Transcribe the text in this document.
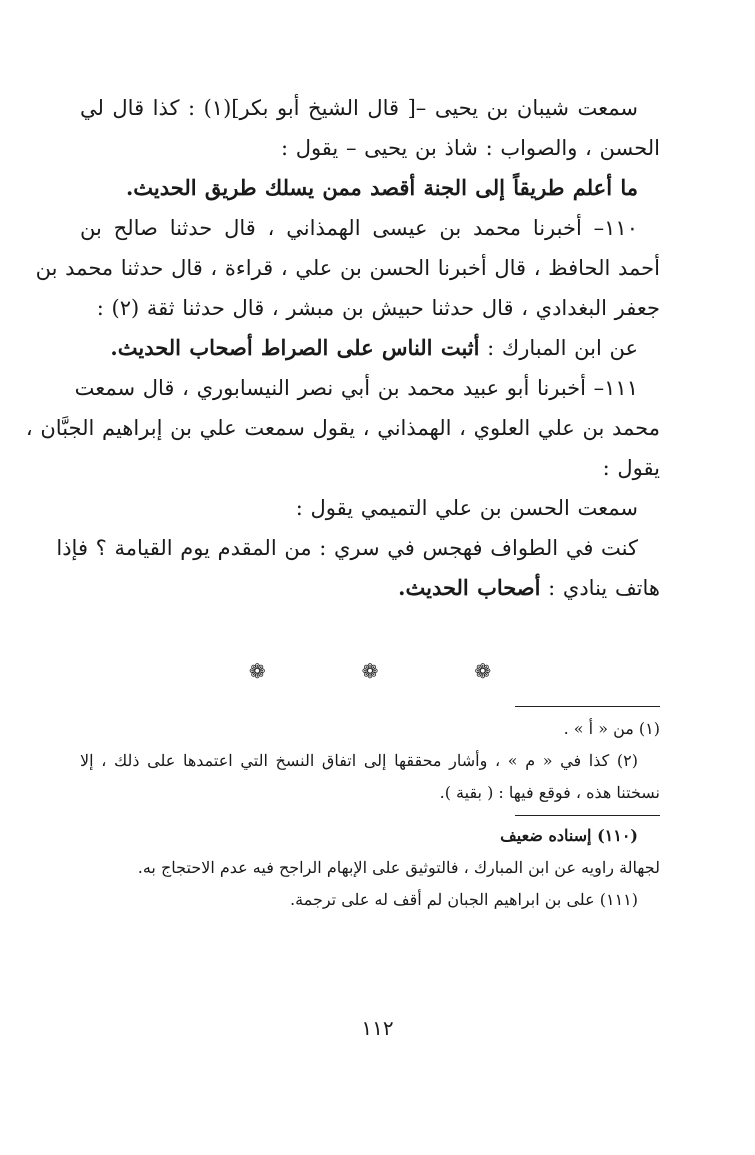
سمعت شيبان بن يحيى –[ قال الشيخ أبو بكر](١) : كذا قال لي
الحسن ، والصواب : شاذ بن يحيى – يقول :
ما أعلم طريقاً إلى الجنة أقصد ممن يسلك طريق الحديث.
١١٠– أخبرنا محمد بن عيسى الهمذاني ، قال حدثنا صالح بن
أحمد الحافظ ، قال أخبرنا الحسن بن علي ، قراءة ، قال حدثنا محمد بن
جعفر البغدادي ، قال حدثنا حبيش بن مبشر ، قال حدثنا ثقة (٢) :
عن ابن المبارك : أثبت الناس على الصراط أصحاب الحديث.
١١١– أخبرنا أبو عبيد محمد بن أبي نصر النيسابوري ، قال سمعت
محمد بن علي العلوي ، الهمذاني ، يقول سمعت علي بن إبراهيم الجبَّان ،
يقول :
سمعت الحسن بن علي التميمي يقول :
كنت في الطواف فهجس في سري : من المقدم يوم القيامة ؟ فإذا
هاتف ينادي : أصحاب الحديث.
❁	❁	❁
(١) من « أ » .
(٢) كذا في « م » ، وأشار محققها إلى اتفاق النسخ التي اعتمدها على ذلك ، إلا
نسختنا هذه ، فوقع فيها : ( بقية ).
(١١٠) إسناده ضعيف
لجهالة راويه عن ابن المبارك ، فالتوثيق على الإبهام الراجح فيه عدم الاحتجاج به.
(١١١) على بن ابراهيم الجبان لم أقف له على ترجمة.
١١٢
